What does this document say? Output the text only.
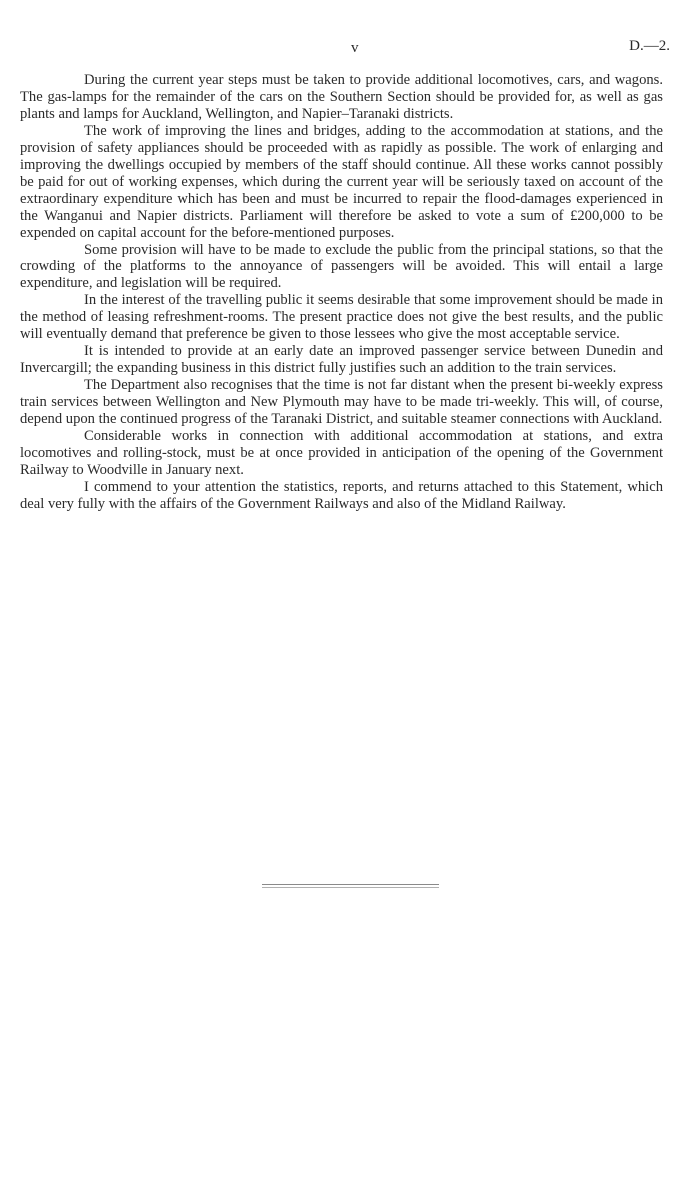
v	D.—2.

During the current year steps must be taken to provide additional locomotives, cars, and wagons. The gas-lamps for the remainder of the cars on the Southern Section should be provided for, as well as gas plants and lamps for Auckland, Wellington, and Napier–Taranaki districts.

The work of improving the lines and bridges, adding to the accommodation at stations, and the provision of safety appliances should be proceeded with as rapidly as possible. The work of enlarging and improving the dwellings occupied by members of the staff should continue. All these works cannot possibly be paid for out of working expenses, which during the current year will be seriously taxed on account of the extraordinary expenditure which has been and must be incurred to repair the flood-damages experienced in the Wanganui and Napier districts. Parliament will therefore be asked to vote a sum of £200,000 to be expended on capital account for the before-mentioned purposes.

Some provision will have to be made to exclude the public from the principal stations, so that the crowding of the platforms to the annoyance of passengers will be avoided. This will entail a large expenditure, and legislation will be required.

In the interest of the travelling public it seems desirable that some improvement should be made in the method of leasing refreshment-rooms. The present practice does not give the best results, and the public will eventually demand that preference be given to those lessees who give the most acceptable service.

It is intended to provide at an early date an improved passenger service between Dunedin and Invercargill; the expanding business in this district fully justifies such an addition to the train services.

The Department also recognises that the time is not far distant when the present bi-weekly express train services between Wellington and New Plymouth may have to be made tri-weekly. This will, of course, depend upon the continued progress of the Taranaki District, and suitable steamer connections with Auckland.

Considerable works in connection with additional accommodation at stations, and extra locomotives and rolling-stock, must be at once provided in anticipation of the opening of the Government Railway to Woodville in January next.

I commend to your attention the statistics, reports, and returns attached to this Statement, which deal very fully with the affairs of the Government Railways and also of the Midland Railway.
